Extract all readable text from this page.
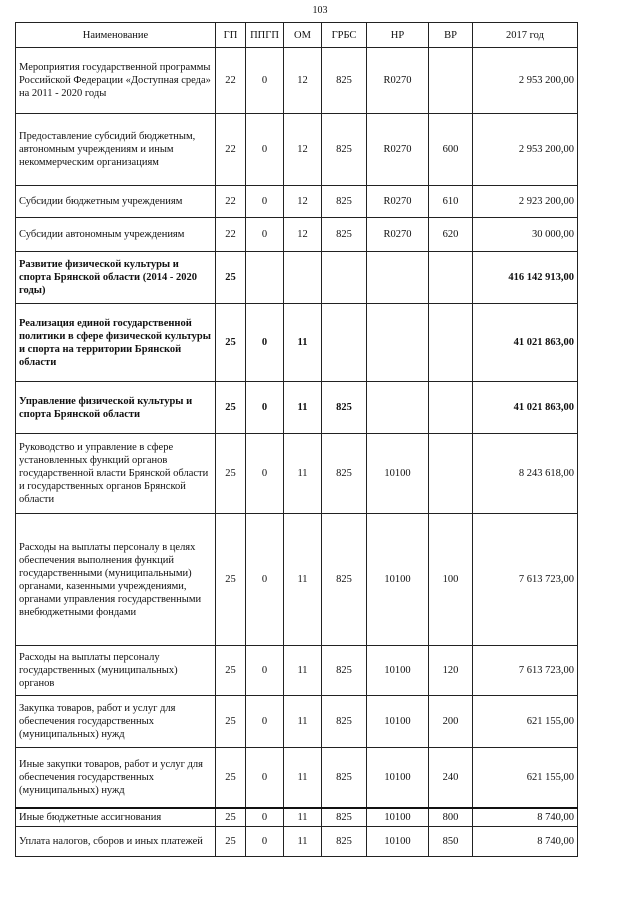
103
Наименование	ГП	ППГП	ОМ	ГРБС	НР	ВР	2017 год
Мероприятия государственной программы Российской Федерации «Доступная среда» на 2011 - 2020 годы	22	0	12	825	R0270		2 953 200,00
Предоставление субсидий бюджетным, автономным учреждениям и иным некоммерческим организациям	22	0	12	825	R0270	600	2 953 200,00
Субсидии бюджетным учреждениям	22	0	12	825	R0270	610	2 923 200,00
Субсидии автономным учреждениям	22	0	12	825	R0270	620	30 000,00
Развитие физической культуры и спорта Брянской области (2014 - 2020 годы)	25						416 142 913,00
Реализация единой государственной политики в сфере физической культуры и спорта на территории Брянской области	25	0	11				41 021 863,00
Управление физической культуры и спорта Брянской области	25	0	11	825			41 021 863,00
Руководство и управление в сфере установленных функций органов государственной власти Брянской области и государственных органов Брянской области	25	0	11	825	10100		8 243 618,00
Расходы на выплаты персоналу в целях обеспечения выполнения функций государственными (муниципальными) органами, казенными учреждениями, органами управления государственными внебюджетными фондами	25	0	11	825	10100	100	7 613 723,00
Расходы на выплаты персоналу государственных (муниципальных) органов	25	0	11	825	10100	120	7 613 723,00
Закупка товаров, работ и услуг для обеспечения государственных (муниципальных) нужд	25	0	11	825	10100	200	621 155,00
Иные закупки товаров, работ и услуг для обеспечения государственных (муниципальных) нужд	25	0	11	825	10100	240	621 155,00
Иные бюджетные ассигнования	25	0	11	825	10100	800	8 740,00
Уплата налогов, сборов и иных платежей	25	0	11	825	10100	850	8 740,00
